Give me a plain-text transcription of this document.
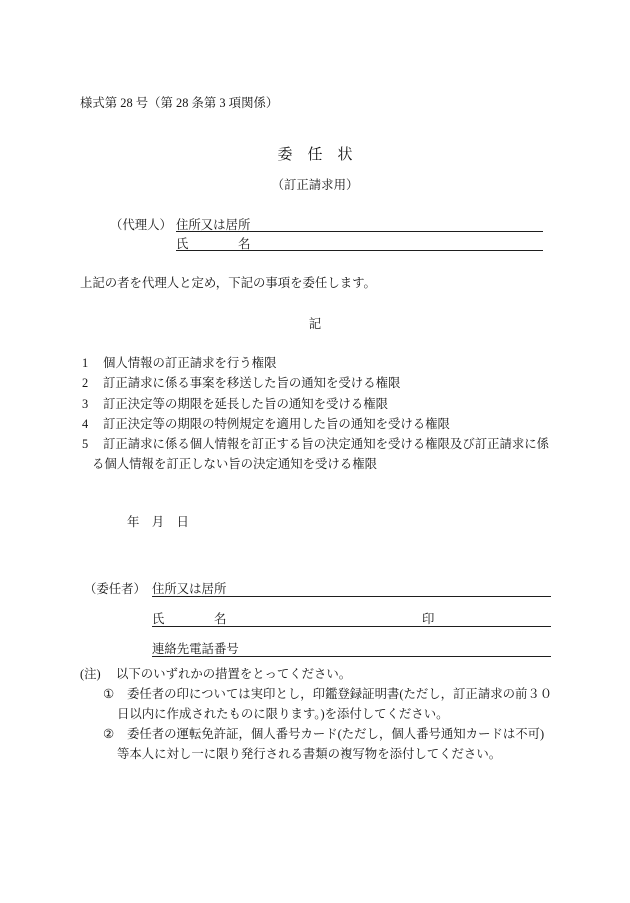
様式第 28 号（第 28 条第 3 項関係）
委　任　状
（訂正請求用）
（代理人） 住所又は居所
氏　　　　名
上記の者を代理人と定め，下記の事項を委任します。
記
1 個人情報の訂正請求を行う権限
2 訂正請求に係る事案を移送した旨の通知を受ける権限
3 訂正決定等の期限を延長した旨の通知を受ける権限
4 訂正決定等の期限の特例規定を適用した旨の通知を受ける権限
5 訂正請求に係る個人情報を訂正する旨の決定通知を受ける権限及び訂正請求に係
る個人情報を訂正しない旨の決定通知を受ける権限
年　月　日
（委任者） 住所又は居所
氏　　　　名	印
連絡先電話番号
(注) 以下のいずれかの措置をとってください。
① 委任者の印については実印とし，印鑑登録証明書(ただし，訂正請求の前３０
日以内に作成されたものに限ります。)を添付してください。
② 委任者の運転免許証，個人番号カード(ただし，個人番号通知カードは不可)
等本人に対し一に限り発行される書類の複写物を添付してください。
